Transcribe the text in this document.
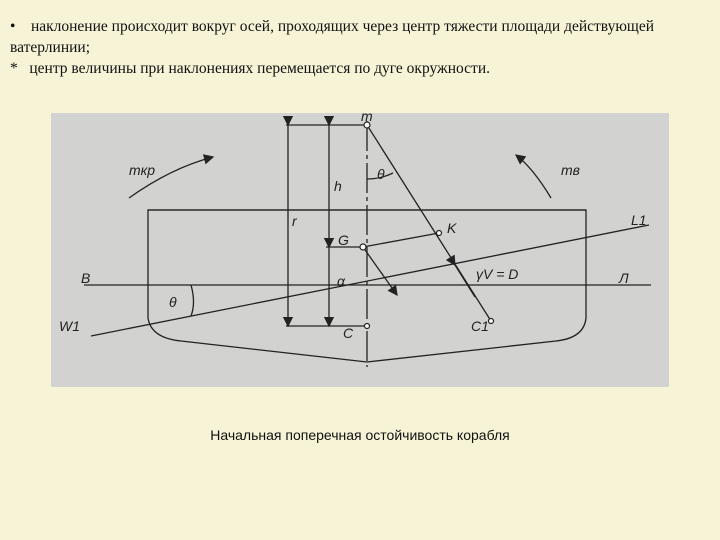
• наклонение происходит вокруг осей, проходящих через центр тяжести площади действующей ватерлинии;

* центр величины при наклонениях перемещается по дуге окружности.

m
mкр	mв
h
θ
r
G
K	L1
B	Л
γV = D
α
θ
W1	C	C1
Начальная поперечная остойчивость корабля
